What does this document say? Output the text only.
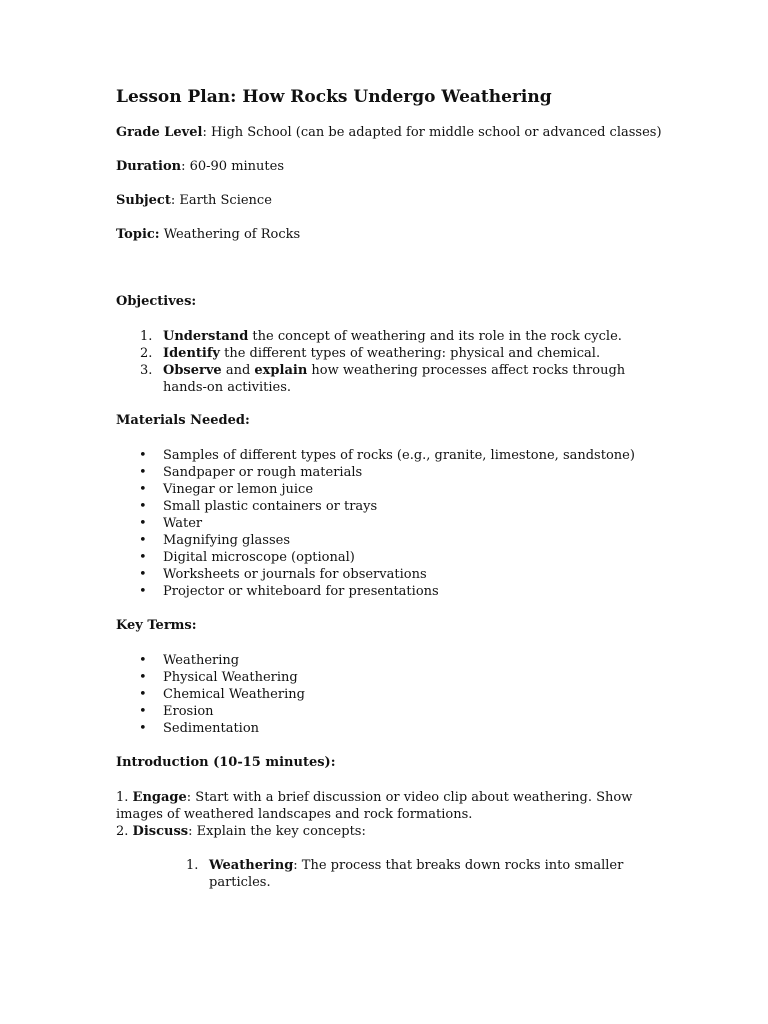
Lesson Plan: How Rocks Undergo Weathering

Grade Level: High School (can be adapted for middle school or advanced classes)

Duration: 60-90 minutes

Subject: Earth Science

Topic: Weathering of Rocks

Objectives:
1. Understand the concept of weathering and its role in the rock cycle.
2. Identify the different types of weathering: physical and chemical.
3. Observe and explain how weathering processes affect rocks through
hands-on activities.
Materials Needed:
• Samples of different types of rocks (e.g., granite, limestone, sandstone)
• Sandpaper or rough materials
• Vinegar or lemon juice
• Small plastic containers or trays
• Water
• Magnifying glasses
• Digital microscope (optional)
• Worksheets or journals for observations
• Projector or whiteboard for presentations
Key Terms:
• Weathering
• Physical Weathering
• Chemical Weathering
• Erosion
• Sedimentation
Introduction (10-15 minutes):

1. Engage: Start with a brief discussion or video clip about weathering. Show
images of weathered landscapes and rock formations.

2. Discuss: Explain the key concepts:

1. Weathering: The process that breaks down rocks into smaller
particles.
